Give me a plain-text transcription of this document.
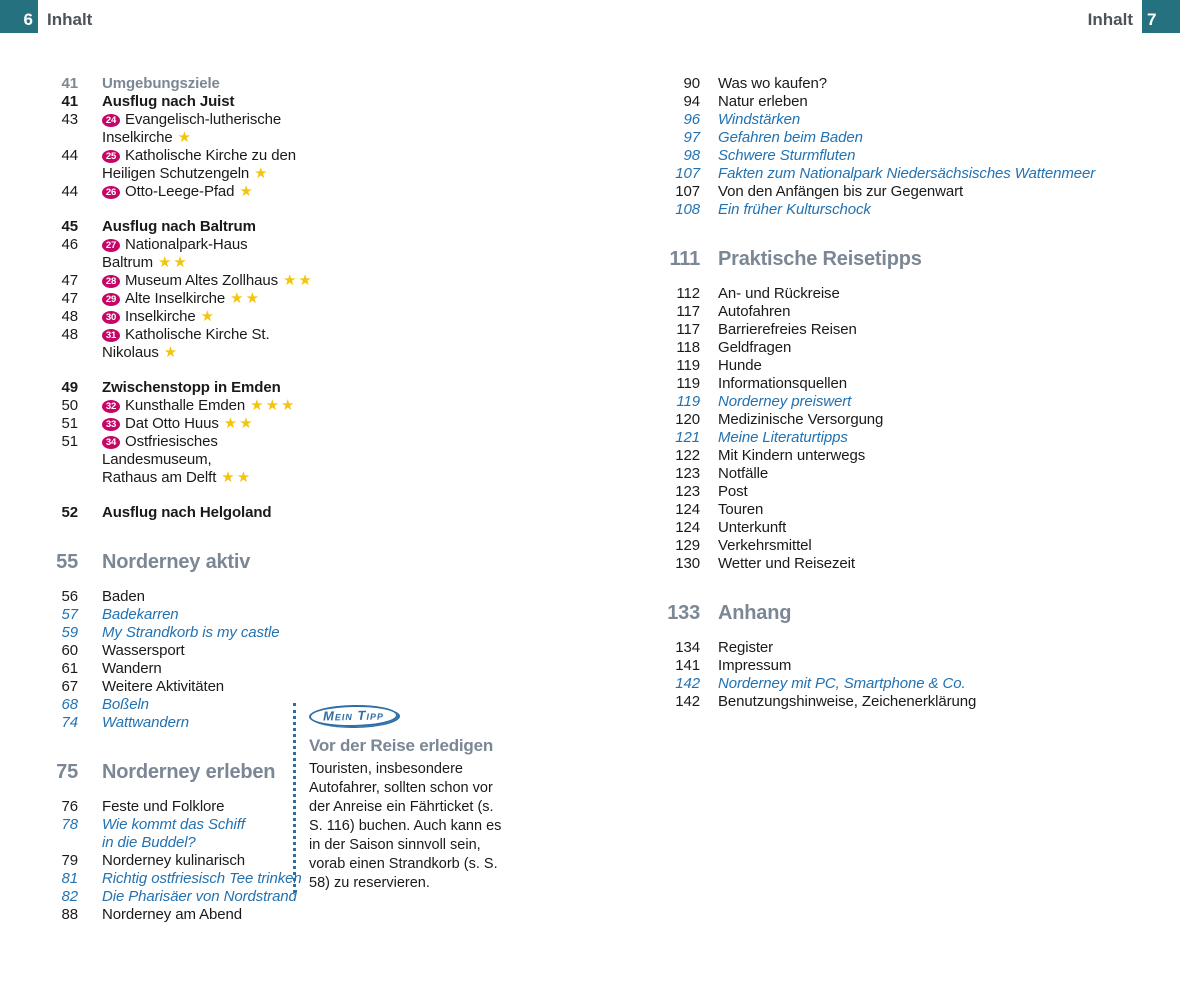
6 Inhalt	Inhalt 7
41 Umgebungsziele
41 Ausflug nach Juist
43	24 Evangelisch-lutherische
Inselkirche ★
44	25 Katholische Kirche zu den
Heiligen Schutzengeln ★
44	26 Otto-Leege-Pfad ★
45 Ausflug nach Baltrum
46	27 Nationalpark-Haus Baltrum ★★
47	28 Museum Altes Zollhaus ★★
47	29 Alte Inselkirche ★★
48	30 Inselkirche ★
48	31 Katholische Kirche St. Nikolaus ★
49 Zwischenstopp in Emden
50	32 Kunsthalle Emden ★★★
51	33 Dat Otto Huus ★★
51	34 Ostfriesisches Landesmuseum,
Rathaus am Delft ★★
52 Ausflug nach Helgoland
55 Norderney aktiv
56 Baden
57 Badekarren
59 My Strandkorb is my castle
60 Wassersport
61 Wandern
67 Weitere Aktivitäten
68 Boßeln
74 Wattwandern
75 Norderney erleben
76 Feste und Folklore
78 Wie kommt das Schiff
in die Buddel?
79 Norderney kulinarisch
81 Richtig ostfriesisch Tee trinken
82 Die Pharisäer von Nordstrand
88 Norderney am Abend
90 Was wo kaufen?
94 Natur erleben
96 Windstärken
97 Gefahren beim Baden
98 Schwere Sturmfluten
107 Fakten zum Nationalpark Niedersächsisches Wattenmeer
107 Von den Anfängen bis zur Gegenwart
108 Ein früher Kulturschock
111 Praktische Reisetipps
112 An- und Rückreise
117 Autofahren
117 Barrierefreies Reisen
118 Geldfragen
119 Hunde
119 Informationsquellen
119 Norderney preiswert
120 Medizinische Versorgung
121 Meine Literaturtipps
122 Mit Kindern unterwegs
123 Notfälle
123 Post
124 Touren
124 Unterkunft
129 Verkehrsmittel
130 Wetter und Reisezeit
133 Anhang
134 Register
141 Impressum
142 Norderney mit PC, Smartphone & Co.
142 Benutzungshinweise, Zeichenerklärung
Mein Tipp
Vor der Reise erledigen
Touristen, insbesondere Autofahrer, sollten schon vor der Anreise ein Fährticket (s. S. 116) buchen. Auch kann es in der Saison sinnvoll sein, vorab einen Strandkorb (s. S. 58) zu reservieren.
